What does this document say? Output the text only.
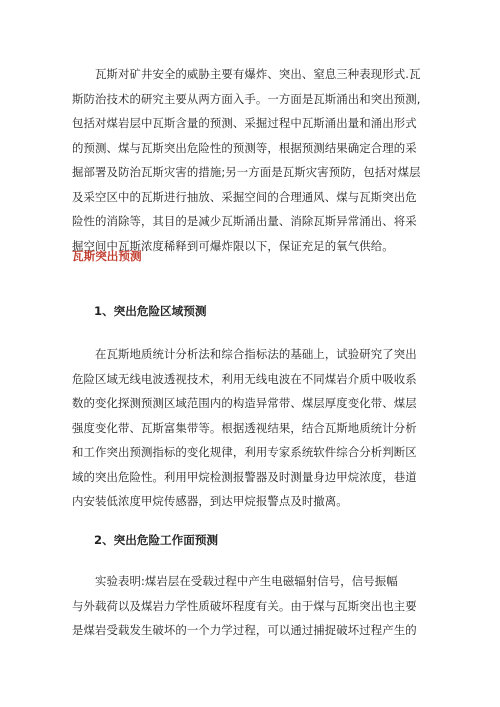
瓦斯对矿井安全的威胁主要有爆炸、突出、窒息三种表现形式.瓦
斯防治技术的研究主要从两方面入手。一方面是瓦斯涌出和突出预测,
包括对煤岩层中瓦斯含量的预测、采掘过程中瓦斯涌出量和涌出形式
的预测、煤与瓦斯突出危险性的预测等，根据预测结果确定合理的采
掘部署及防治瓦斯灾害的措施;另一方面是瓦斯灾害预防，包括对煤层
及采空区中的瓦斯进行抽放、采掘空间的合理通风、煤与瓦斯突出危
险性的消除等，其目的是减少瓦斯涌出量、消除瓦斯异常涌出、将采
掘空间中瓦斯浓度稀释到可爆炸限以下，保证充足的氧气供给。
瓦斯突出预测
1、突出危险区域预测
在瓦斯地质统计分析法和综合指标法的基础上，试验研究了突出
危险区域无线电波透视技术，利用无线电波在不同煤岩介质中吸收系
数的变化探测预测区域范围内的构造异常带、煤层厚度变化带、煤层
强度变化带、瓦斯富集带等。根据透视结果，结合瓦斯地质统计分析
和工作突出预测指标的变化规律，利用专家系统软件综合分析判断区
域的突出危险性。利用甲烷检测报警器及时测量身边甲烷浓度，巷道
内安装低浓度甲烷传感器，到达甲烷报警点及时撤离。
2、突出危险工作面预测
实验表明:煤岩层在受载过程中产生电磁辐射信号，信号振幅
与外载荷以及煤岩力学性质破坏程度有关。由于煤与瓦斯突出也主要
是煤岩受载发生破坏的一个力学过程，可以通过捕捉破坏过程产生的
